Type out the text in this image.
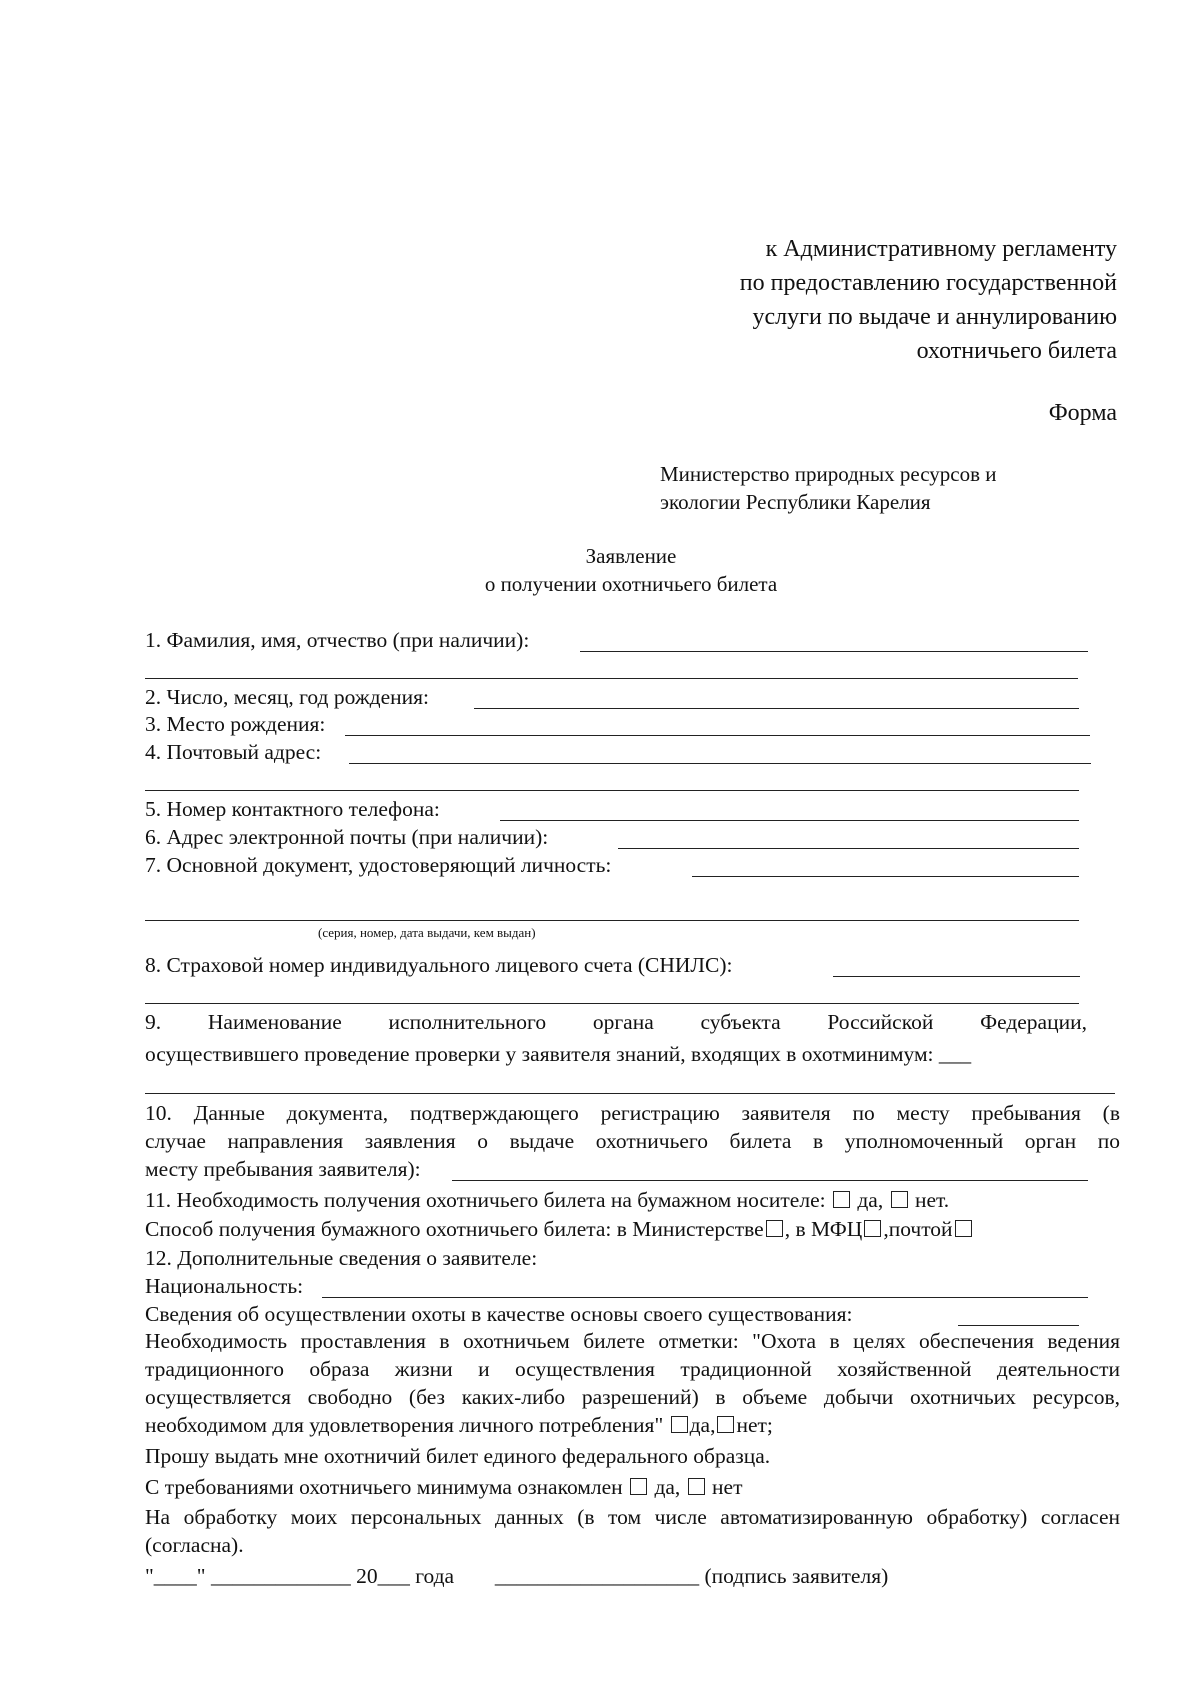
к Административному регламенту
по предоставлению государственной
услуги по выдаче и аннулированию
охотничьего билета
Форма
Министерство природных ресурсов и
экологии Республики Карелия
Заявление
о получении охотничьего билета
1. Фамилия, имя, отчество (при наличии):
2. Число, месяц, год рождения:
3. Место рождения:
4. Почтовый адрес:
5. Номер контактного телефона:
6. Адрес электронной почты (при наличии):
7. Основной документ, удостоверяющий личность:
(серия, номер, дата выдачи, кем выдан)
8. Страховой номер индивидуального лицевого счета (СНИЛС):
9. Наименование исполнительного органа субъекта Российской Федерации,
осуществившего проведение проверки у заявителя знаний, входящих в охотминимум: ___
10. Данные документа, подтверждающего регистрацию заявителя по месту пребывания (в
случае направления заявления о выдаче охотничьего билета в уполномоченный орган по
месту пребывания заявителя):
11. Необходимость получения охотничьего билета на бумажном носителе: да, нет.
Способ получения бумажного охотничьего билета: в Министерстве , в МФЦ ,почтой
12. Дополнительные сведения о заявителе:
Национальность:
Сведения об осуществлении охоты в качестве основы своего существования:
Необходимость проставления в охотничьем билете отметки: "Охота в целях обеспечения ведения традиционного образа жизни и осуществления традиционной хозяйственной деятельности осуществляется свободно (без каких-либо разрешений) в объеме добычи охотничьих ресурсов, необходимом для удовлетворения личного потребления" да, нет;
Прошу выдать мне охотничий билет единого федерального образца.
С требованиями охотничьего минимума ознакомлен да, нет
На обработку моих персональных данных (в том числе автоматизированную обработку) согласен (согласна).
"____" _____________ 20___ года ___________________ (подпись заявителя)
